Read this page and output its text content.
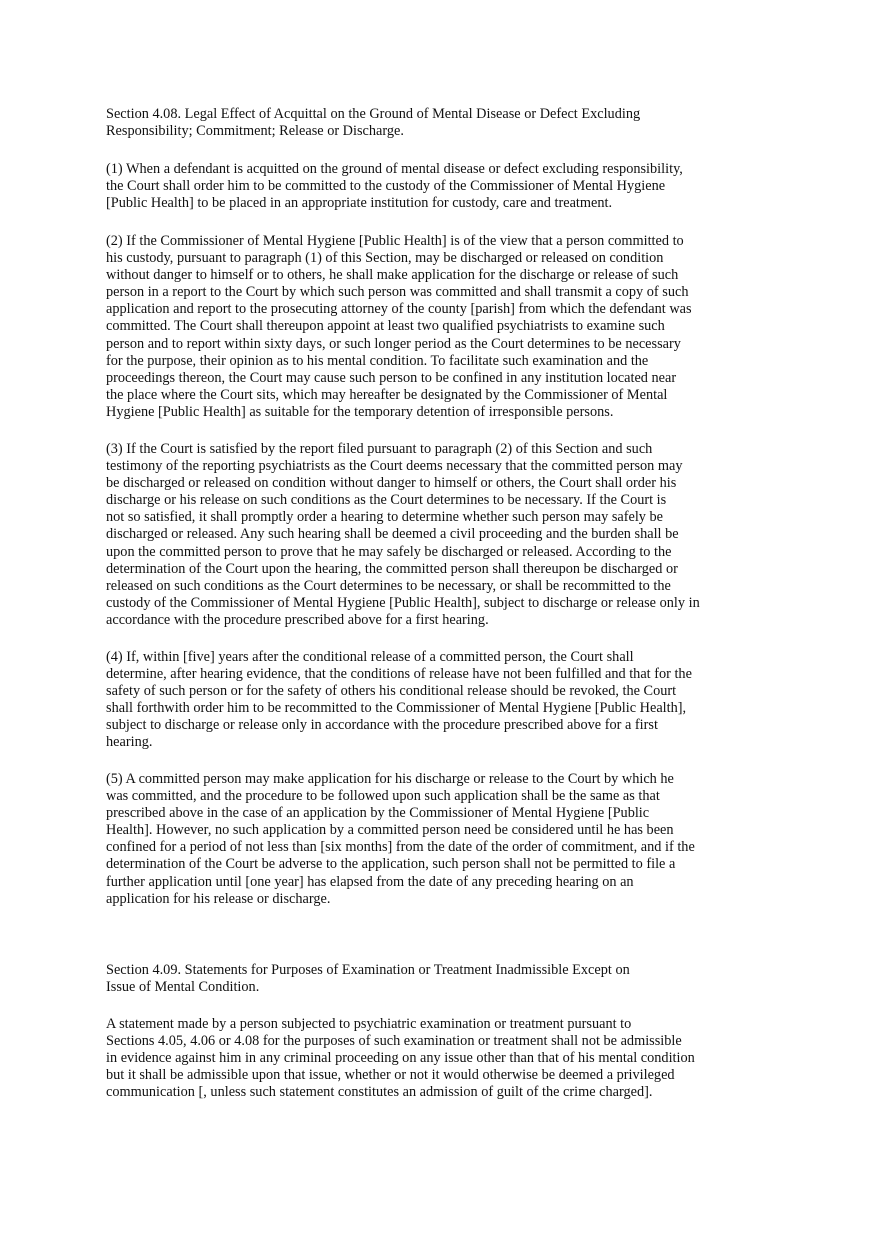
Section 4.08. Legal Effect of Acquittal on the Ground of Mental Disease or Defect Excluding
Responsibility; Commitment; Release or Discharge.

(1) When a defendant is acquitted on the ground of mental disease or defect excluding responsibility,
the Court shall order him to be committed to the custody of the Commissioner of Mental Hygiene
[Public Health] to be placed in an appropriate institution for custody, care and treatment.

(2) If the Commissioner of Mental Hygiene [Public Health] is of the view that a person committed to
his custody, pursuant to paragraph (1) of this Section, may be discharged or released on condition
without danger to himself or to others, he shall make application for the discharge or release of such
person in a report to the Court by which such person was committed and shall transmit a copy of such
application and report to the prosecuting attorney of the county [parish] from which the defendant was
committed. The Court shall thereupon appoint at least two qualified psychiatrists to examine such
person and to report within sixty days, or such longer period as the Court determines to be necessary
for the purpose, their opinion as to his mental condition. To facilitate such examination and the
proceedings thereon, the Court may cause such person to be confined in any institution located near
the place where the Court sits, which may hereafter be designated by the Commissioner of Mental
Hygiene [Public Health] as suitable for the temporary detention of irresponsible persons.

(3) If the Court is satisfied by the report filed pursuant to paragraph (2) of this Section and such
testimony of the reporting psychiatrists as the Court deems necessary that the committed person may
be discharged or released on condition without danger to himself or others, the Court shall order his
discharge or his release on such conditions as the Court determines to be necessary. If the Court is
not so satisfied, it shall promptly order a hearing to determine whether such person may safely be
discharged or released. Any such hearing shall be deemed a civil proceeding and the burden shall be
upon the committed person to prove that he may safely be discharged or released. According to the
determination of the Court upon the hearing, the committed person shall thereupon be discharged or
released on such conditions as the Court determines to be necessary, or shall be recommitted to the
custody of the Commissioner of Mental Hygiene [Public Health], subject to discharge or release only in
accordance with the procedure prescribed above for a first hearing.

(4) If, within [five] years after the conditional release of a committed person, the Court shall
determine, after hearing evidence, that the conditions of release have not been fulfilled and that for the
safety of such person or for the safety of others his conditional release should be revoked, the Court
shall forthwith order him to be recommitted to the Commissioner of Mental Hygiene [Public Health],
subject to discharge or release only in accordance with the procedure prescribed above for a first
hearing.

(5) A committed person may make application for his discharge or release to the Court by which he
was committed, and the procedure to be followed upon such application shall be the same as that
prescribed above in the case of an application by the Commissioner of Mental Hygiene [Public
Health]. However, no such application by a committed person need be considered until he has been
confined for a period of not less than [six months] from the date of the order of commitment, and if the
determination of the Court be adverse to the application, such person shall not be permitted to file a
further application until [one year] has elapsed from the date of any preceding hearing on an
application for his release or discharge.

Section 4.09. Statements for Purposes of Examination or Treatment Inadmissible Except on
Issue of Mental Condition.

A statement made by a person subjected to psychiatric examination or treatment pursuant to
Sections 4.05, 4.06 or 4.08 for the purposes of such examination or treatment shall not be admissible
in evidence against him in any criminal proceeding on any issue other than that of his mental condition
but it shall be admissible upon that issue, whether or not it would otherwise be deemed a privileged
communication [, unless such statement constitutes an admission of guilt of the crime charged].
